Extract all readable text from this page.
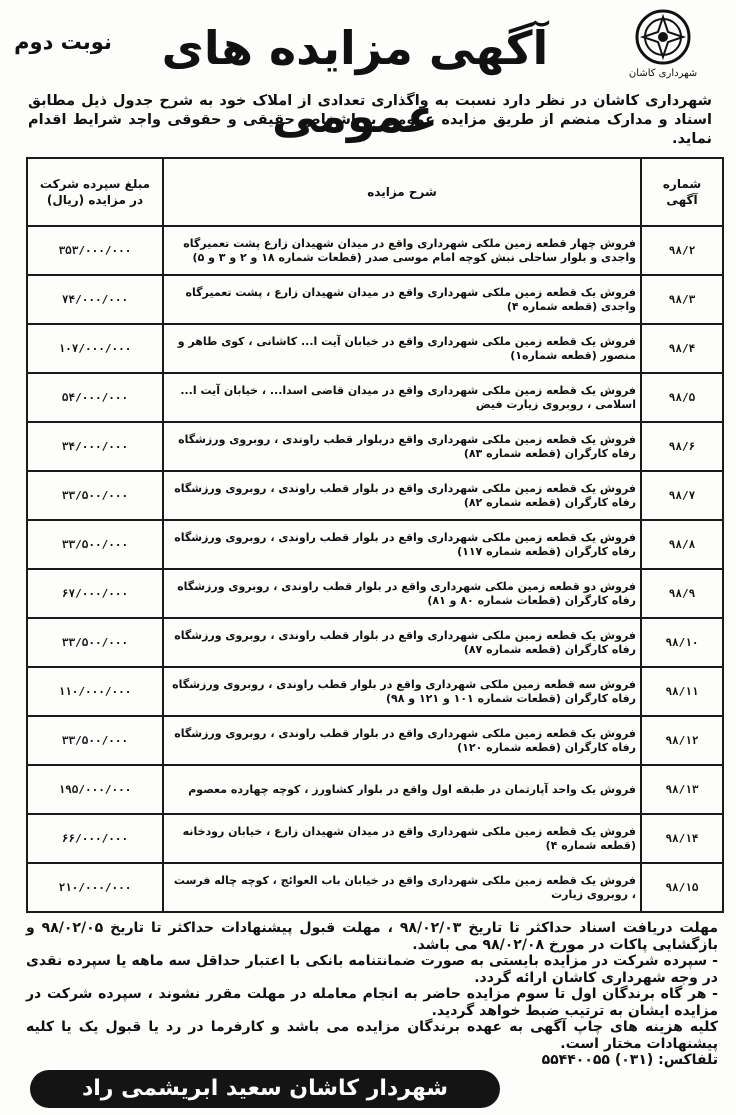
شهرداری کاشان
آگهی مزایده های عمومی
نوبت دوم
شهرداری کاشان در نظر دارد نسبت به واگذاری تعدادی از املاک خود به شرح جدول ذیل مطابق اسناد و مدارک منضم از طریق مزایده عمومی به اشخاص حقیقی و حقوقی واجد شرایط اقدام نماید.
شماره آگهی	شرح مزایده	مبلغ سپرده شرکت در مزایده (ریال)
۹۸/۲	فروش چهار قطعه زمین ملکی شهرداری واقع در میدان شهیدان زارع پشت تعمیرگاه واجدی و بلوار ساحلی نبش کوچه امام موسی صدر (قطعات شماره ۱۸ و ۲ و ۳ و ۵)	۳۵۳/۰۰۰/۰۰۰
۹۸/۳	فروش یک قطعه زمین ملکی شهرداری واقع در میدان شهیدان زارع ، پشت تعمیرگاه واجدی (قطعه شماره ۴)	۷۴/۰۰۰/۰۰۰
۹۸/۴	فروش یک قطعه زمین ملکی شهرداری واقع در خیابان آیت ا... کاشانی ، کوی طاهر و منصور (قطعه شماره۱)	۱۰۷/۰۰۰/۰۰۰
۹۸/۵	فروش یک قطعه زمین ملکی شهرداری واقع در میدان قاضی اسدا... ، خیابان آیت ا... اسلامی ، روبروی زیارت فیض	۵۴/۰۰۰/۰۰۰
۹۸/۶	فروش یک قطعه زمین ملکی شهرداری واقع دربلوار قطب راوندی ، روبروی ورزشگاه رفاه کارگران (قطعه شماره ۸۳)	۳۴/۰۰۰/۰۰۰
۹۸/۷	فروش یک قطعه زمین ملکی شهرداری واقع در بلوار قطب راوندی ، روبروی ورزشگاه رفاه کارگران (قطعه شماره ۸۲)	۳۳/۵۰۰/۰۰۰
۹۸/۸	فروش یک قطعه زمین ملکی شهرداری واقع در بلوار قطب راوندی ، روبروی ورزشگاه رفاه کارگران (قطعه شماره ۱۱۷)	۳۳/۵۰۰/۰۰۰
۹۸/۹	فروش دو قطعه زمین ملکی شهرداری واقع در بلوار قطب راوندی ، روبروی ورزشگاه رفاه کارگران (قطعات شماره ۸۰ و ۸۱)	۶۷/۰۰۰/۰۰۰
۹۸/۱۰	فروش یک قطعه زمین ملکی شهرداری واقع در بلوار قطب راوندی ، روبروی ورزشگاه رفاه کارگران (قطعه شماره ۸۷)	۳۳/۵۰۰/۰۰۰
۹۸/۱۱	فروش سه قطعه زمین ملکی شهرداری واقع در بلوار قطب راوندی ، روبروی ورزشگاه رفاه کارگران (قطعات شماره ۱۰۱ و ۱۲۱ و ۹۸)	۱۱۰/۰۰۰/۰۰۰
۹۸/۱۲	فروش یک قطعه زمین ملکی شهرداری واقع در بلوار قطب راوندی ، روبروی ورزشگاه رفاه کارگران (قطعه شماره ۱۲۰)	۳۳/۵۰۰/۰۰۰
۹۸/۱۳	فروش یک واحد آپارتمان در طبقه اول واقع در بلوار کشاورز ، کوچه چهارده معصوم	۱۹۵/۰۰۰/۰۰۰
۹۸/۱۴	فروش یک قطعه زمین ملکی شهرداری واقع در میدان شهیدان زارع ، خیابان رودخانه (قطعه شماره ۴)	۶۶/۰۰۰/۰۰۰
۹۸/۱۵	فروش یک قطعه زمین ملکی شهرداری واقع در خیابان باب العوائج ، کوچه چاله فرست ، روبروی زیارت	۲۱۰/۰۰۰/۰۰۰

مهلت دریافت اسناد حداکثر تا تاریخ ۹۸/۰۲/۰۳ ، مهلت قبول پیشنهادات حداکثر تا تاریخ ۹۸/۰۲/۰۵ و بازگشایی پاکات در مورخ ۹۸/۰۲/۰۸ می باشد.

- سپرده شرکت در مزایده بایستی به صورت ضمانتنامه بانکی با اعتبار حداقل سه ماهه یا سپرده نقدی در وجه شهرداری کاشان ارائه گردد.

- هر گاه برندگان اول تا سوم مزایده حاضر به انجام معامله در مهلت مقرر نشوند ، سپرده شرکت در مزایده ایشان به ترتیب ضبط خواهد گردید.

کلیه هزینه های چاپ آگهی به عهده برندگان مزایده می باشد و کارفرما در رد یا قبول یک یا کلیه پیشنهادات مختار است.

تلفاکس: (۰۳۱) ۵۵۴۴۰۰۵۵

شهردار کاشان سعید ابریشمی راد
